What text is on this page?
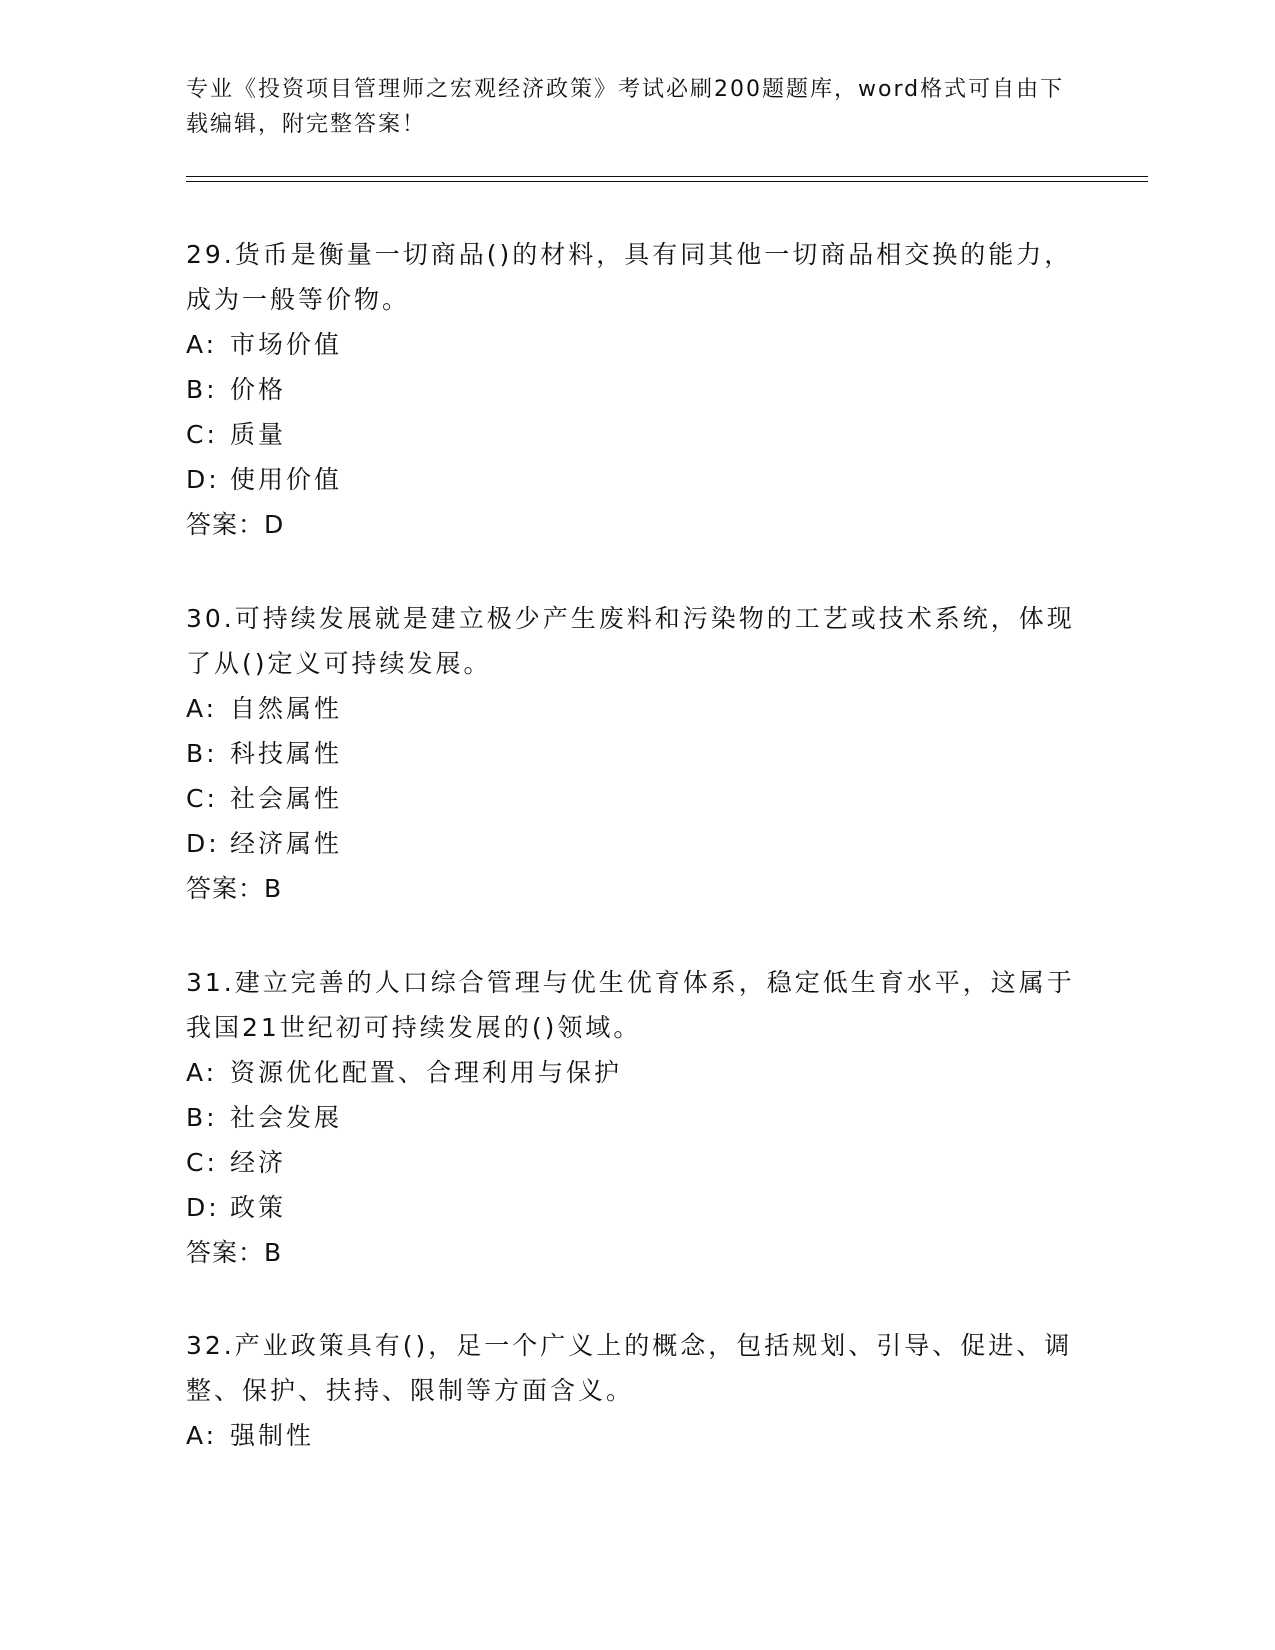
专业《投资项目管理师之宏观经济政策》考试必刷200题题库，word格式可自由下载编辑，附完整答案！

29.货币是衡量一切商品()的材料，具有同其他一切商品相交换的能力，成为一般等价物。

A: 市场价值
B: 价格
C: 质量
D: 使用价值

答案：D

30.可持续发展就是建立极少产生废料和污染物的工艺或技术系统，体现了从()定义可持续发展。

A: 自然属性
B: 科技属性
C: 社会属性
D: 经济属性

答案：B

31.建立完善的人口综合管理与优生优育体系，稳定低生育水平，这属于我国21世纪初可持续发展的()领域。

A: 资源优化配置、合理利用与保护
B: 社会发展
C: 经济
D: 政策

答案：B

32.产业政策具有()，足一个广义上的概念，包括规划、引导、促进、调整、保护、扶持、限制等方面含义。

A: 强制性
